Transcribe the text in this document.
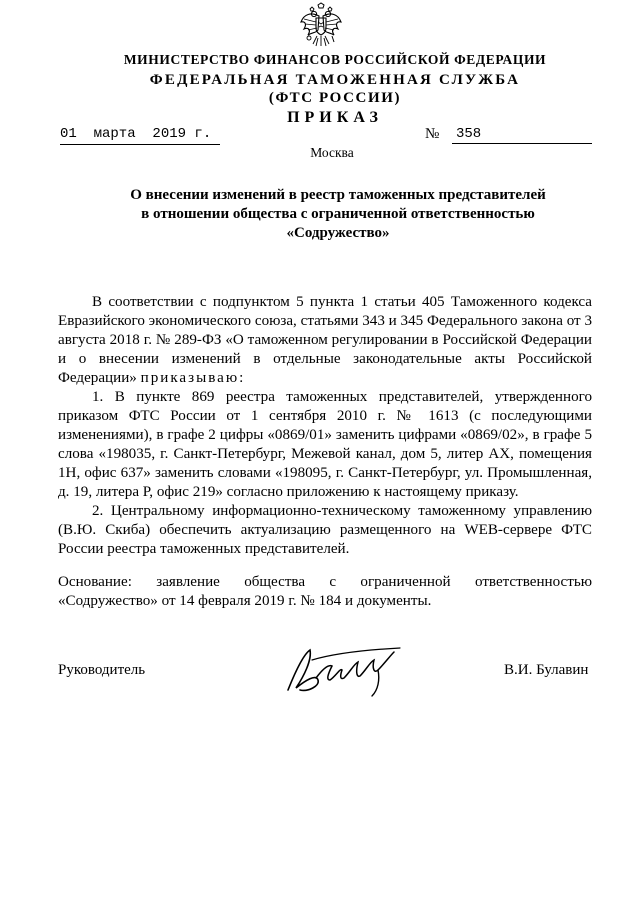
МИНИСТЕРСТВО ФИНАНСОВ РОССИЙСКОЙ ФЕДЕРАЦИИ
ФЕДЕРАЛЬНАЯ ТАМОЖЕННАЯ СЛУЖБА
(ФТС РОССИИ)
ПРИКАЗ
01  марта  2019 г.	№ 358
Москва
О внесении изменений в реестр таможенных представителей
в отношении общества с ограниченной ответственностью
«Содружество»

В соответствии с подпунктом 5 пункта 1 статьи 405 Таможенного кодекса Евразийского экономического союза, статьями 343 и 345 Федерального закона от 3 августа 2018 г. № 289-ФЗ «О таможенном регулировании в Российской Федерации и о внесении изменений в отдельные законодательные акты Российской Федерации» приказываю:

1. В пункте 869 реестра таможенных представителей, утвержденного приказом ФТС России от 1 сентября 2010 г. № 1613 (с последующими изменениями), в графе 2 цифры «0869/01» заменить цифрами «0869/02», в графе 5 слова «198035, г. Санкт-Петербург, Межевой канал, дом 5, литер АХ, помещения 1Н, офис 637» заменить словами «198095, г. Санкт-Петербург, ул. Промышленная, д. 19, литера Р, офис 219» согласно приложению к настоящему приказу.

2. Центральному информационно-техническому таможенному управлению (В.Ю. Скиба) обеспечить актуализацию размещенного на WEB-сервере ФТС России реестра таможенных представителей.

Основание: заявление общества с ограниченной ответственностью «Содружество» от 14 февраля 2019 г. № 184 и документы.
Руководитель	В.И. Булавин
